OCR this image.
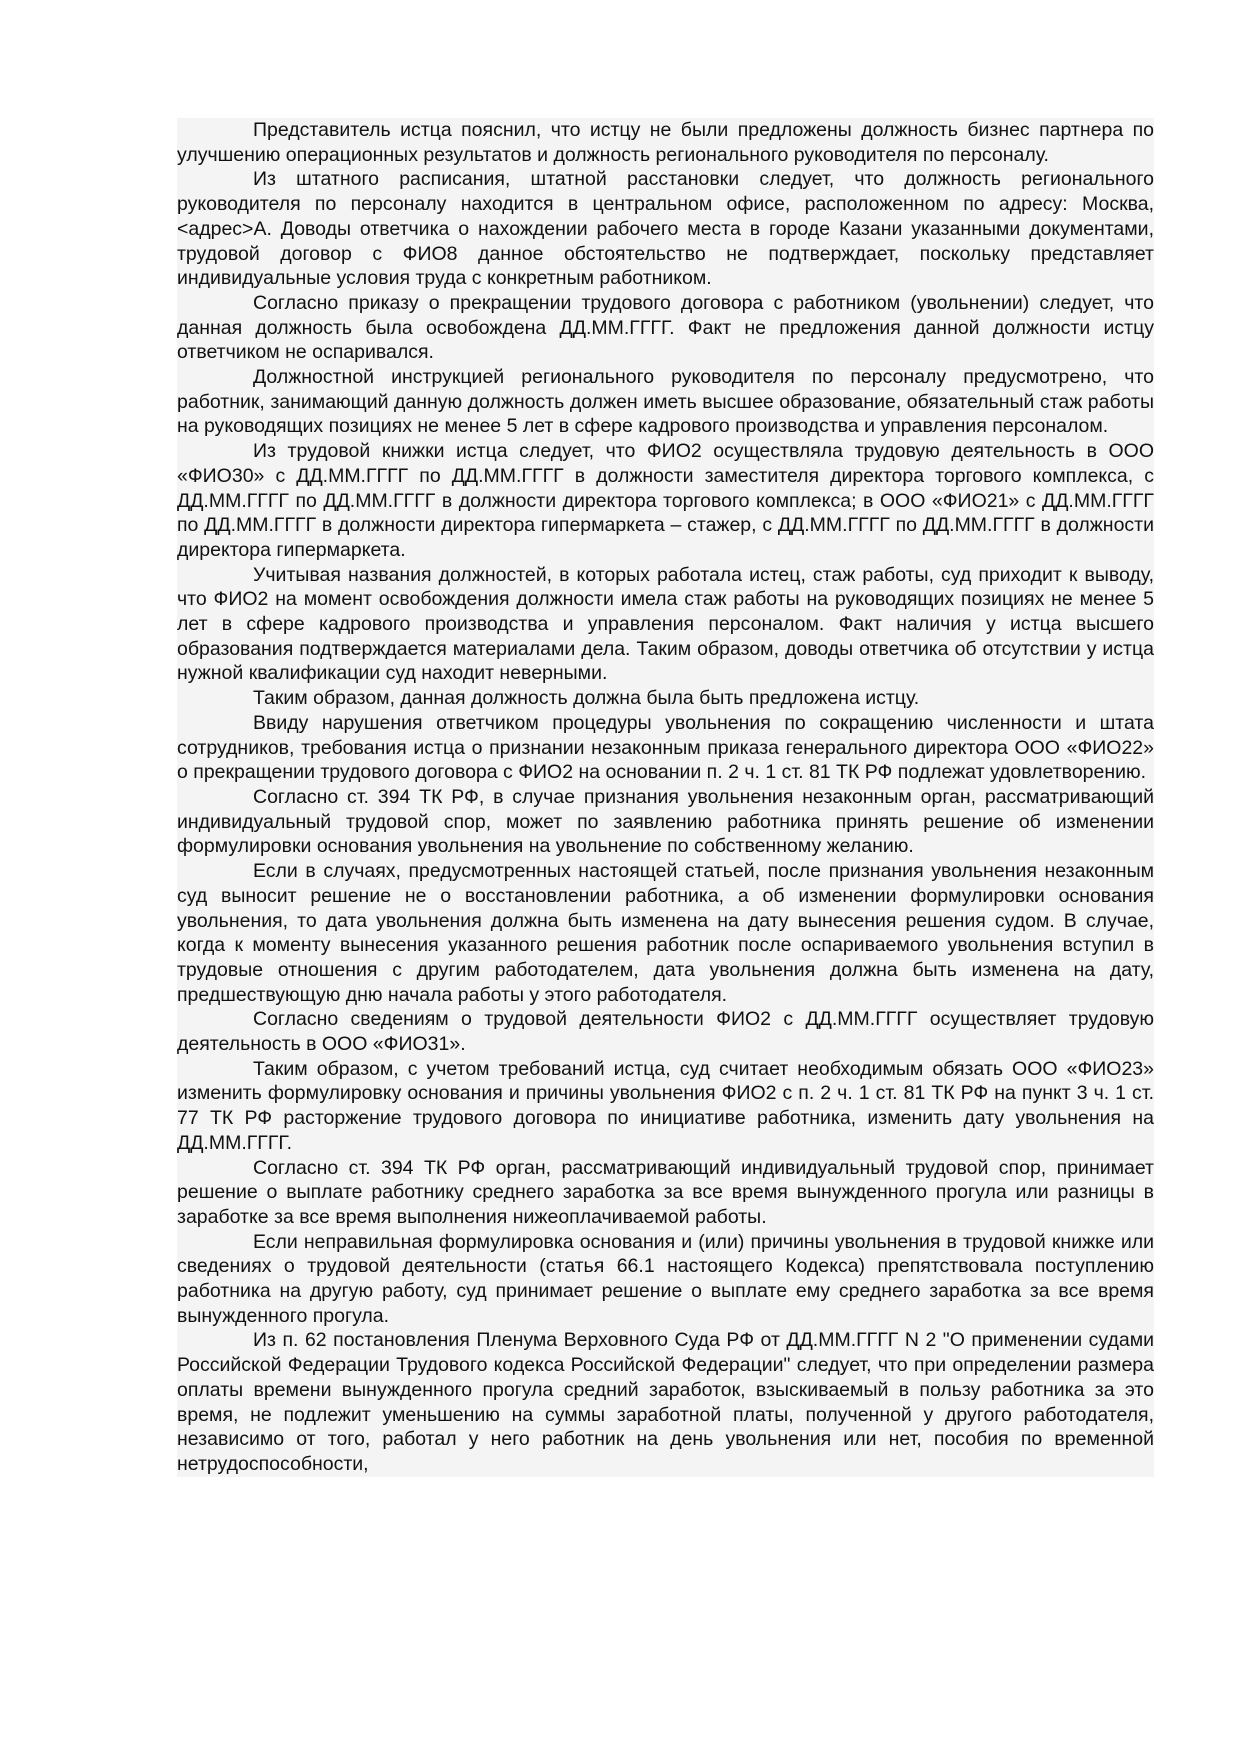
Представитель истца пояснил, что истцу не были предложены должность бизнес партнера по улучшению операционных результатов и должность регионального руководителя по персоналу.

Из штатного расписания, штатной расстановки следует, что должность регионального руководителя по персоналу находится в центральном офисе, расположенном по адресу: Москва, <адрес>А. Доводы ответчика о нахождении рабочего места в городе Казани указанными документами, трудовой договор с ФИО8 данное обстоятельство не подтверждает, поскольку представляет индивидуальные условия труда с конкретным работником.

Согласно приказу о прекращении трудового договора с работником (увольнении) следует, что данная должность была освобождена ДД.ММ.ГГГГ. Факт не предложения данной должности истцу ответчиком не оспаривался.

Должностной инструкцией регионального руководителя по персоналу предусмотрено, что работник, занимающий данную должность должен иметь высшее образование, обязательный стаж работы на руководящих позициях не менее 5 лет в сфере кадрового производства и управления персоналом.

Из трудовой книжки истца следует, что ФИО2 осуществляла трудовую деятельность в ООО «ФИО30» с ДД.ММ.ГГГГ по ДД.ММ.ГГГГ в должности заместителя директора торгового комплекса, с ДД.ММ.ГГГГ по ДД.ММ.ГГГГ в должности директора торгового комплекса; в ООО «ФИО21» с ДД.ММ.ГГГГ по ДД.ММ.ГГГГ в должности директора гипермаркета – стажер, с ДД.ММ.ГГГГ по ДД.ММ.ГГГГ в должности директора гипермаркета.

Учитывая названия должностей, в которых работала истец, стаж работы, суд приходит к выводу, что ФИО2 на момент освобождения должности имела стаж работы на руководящих позициях не менее 5 лет в сфере кадрового производства и управления персоналом. Факт наличия у истца высшего образования подтверждается материалами дела. Таким образом, доводы ответчика об отсутствии у истца нужной квалификации суд находит неверными.

Таким образом, данная должность должна была быть предложена истцу.

Ввиду нарушения ответчиком процедуры увольнения по сокращению численности и штата сотрудников, требования истца о признании незаконным приказа генерального директора ООО «ФИО22» о прекращении трудового договора с ФИО2 на основании п. 2 ч. 1 ст. 81 ТК РФ подлежат удовлетворению.

Согласно ст. 394 ТК РФ, в случае признания увольнения незаконным орган, рассматривающий индивидуальный трудовой спор, может по заявлению работника принять решение об изменении формулировки основания увольнения на увольнение по собственному желанию.

Если в случаях, предусмотренных настоящей статьей, после признания увольнения незаконным суд выносит решение не о восстановлении работника, а об изменении формулировки основания увольнения, то дата увольнения должна быть изменена на дату вынесения решения судом. В случае, когда к моменту вынесения указанного решения работник после оспариваемого увольнения вступил в трудовые отношения с другим работодателем, дата увольнения должна быть изменена на дату, предшествующую дню начала работы у этого работодателя.

Согласно сведениям о трудовой деятельности ФИО2 с ДД.ММ.ГГГГ осуществляет трудовую деятельность в ООО «ФИО31».

Таким образом, с учетом требований истца, суд считает необходимым обязать ООО «ФИО23» изменить формулировку основания и причины увольнения ФИО2 с п. 2 ч. 1 ст. 81 ТК РФ на пункт 3 ч. 1 ст. 77 ТК РФ расторжение трудового договора по инициативе работника, изменить дату увольнения на ДД.ММ.ГГГГ.

Согласно ст. 394 ТК РФ орган, рассматривающий индивидуальный трудовой спор, принимает решение о выплате работнику среднего заработка за все время вынужденного прогула или разницы в заработке за все время выполнения нижеоплачиваемой работы.

Если неправильная формулировка основания и (или) причины увольнения в трудовой книжке или сведениях о трудовой деятельности (статья 66.1 настоящего Кодекса) препятствовала поступлению работника на другую работу, суд принимает решение о выплате ему среднего заработка за все время вынужденного прогула.

Из п. 62 постановления Пленума Верховного Суда РФ от ДД.ММ.ГГГГ N 2 "О применении судами Российской Федерации Трудового кодекса Российской Федерации" следует, что при определении размера оплаты времени вынужденного прогула средний заработок, взыскиваемый в пользу работника за это время, не подлежит уменьшению на суммы заработной платы, полученной у другого работодателя, независимо от того, работал у него работник на день увольнения или нет, пособия по временной нетрудоспособности,
